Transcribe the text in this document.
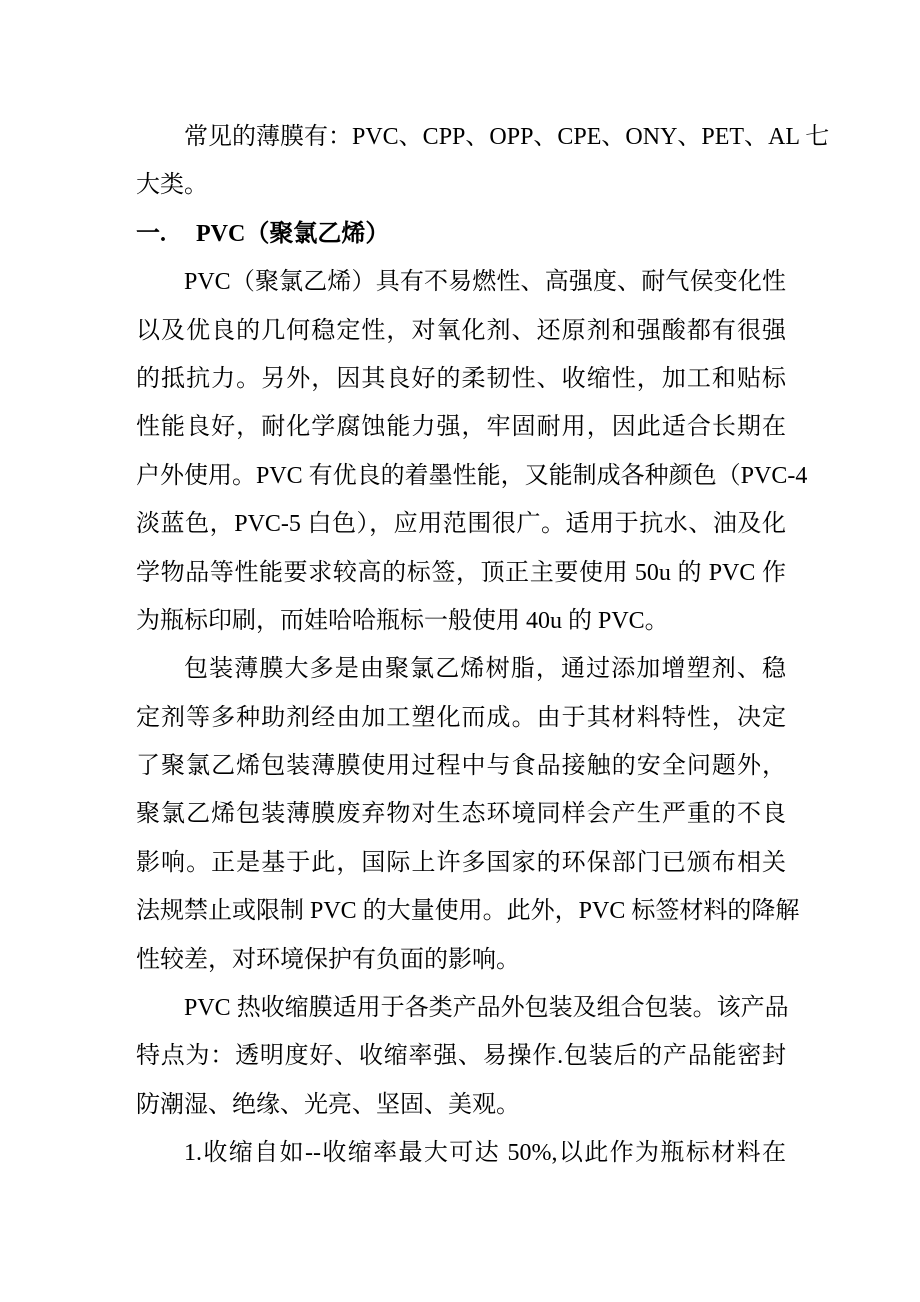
常见的薄膜有：PVC、CPP、OPP、CPE、ONY、PET、AL 七
大类。
一. PVC（聚氯乙烯）
PVC（聚氯乙烯）具有不易燃性、高强度、耐气侯变化性
以及优良的几何稳定性，对氧化剂、还原剂和强酸都有很强
的抵抗力。另外，因其良好的柔韧性、收缩性，加工和贴标
性能良好，耐化学腐蚀能力强，牢固耐用，因此适合长期在
户外使用。PVC 有优良的着墨性能，又能制成各种颜色（PVC-4
淡蓝色，PVC-5 白色），应用范围很广。适用于抗水、油及化
学物品等性能要求较高的标签，顶正主要使用 50u 的 PVC 作
为瓶标印刷，而娃哈哈瓶标一般使用 40u 的 PVC。
包装薄膜大多是由聚氯乙烯树脂，通过添加增塑剂、稳
定剂等多种助剂经由加工塑化而成。由于其材料特性，决定
了聚氯乙烯包装薄膜使用过程中与食品接触的安全问题外，
聚氯乙烯包装薄膜废弃物对生态环境同样会产生严重的不良
影响。正是基于此，国际上许多国家的环保部门已颁布相关
法规禁止或限制 PVC 的大量使用。此外，PVC 标签材料的降解
性较差，对环境保护有负面的影响。
PVC 热收缩膜适用于各类产品外包装及组合包装。该产品
特点为：透明度好、收缩率强、易操作.包装后的产品能密封
防潮湿、绝缘、光亮、坚固、美观。
1.收缩自如--收缩率最大可达 50%,以此作为瓶标材料在
